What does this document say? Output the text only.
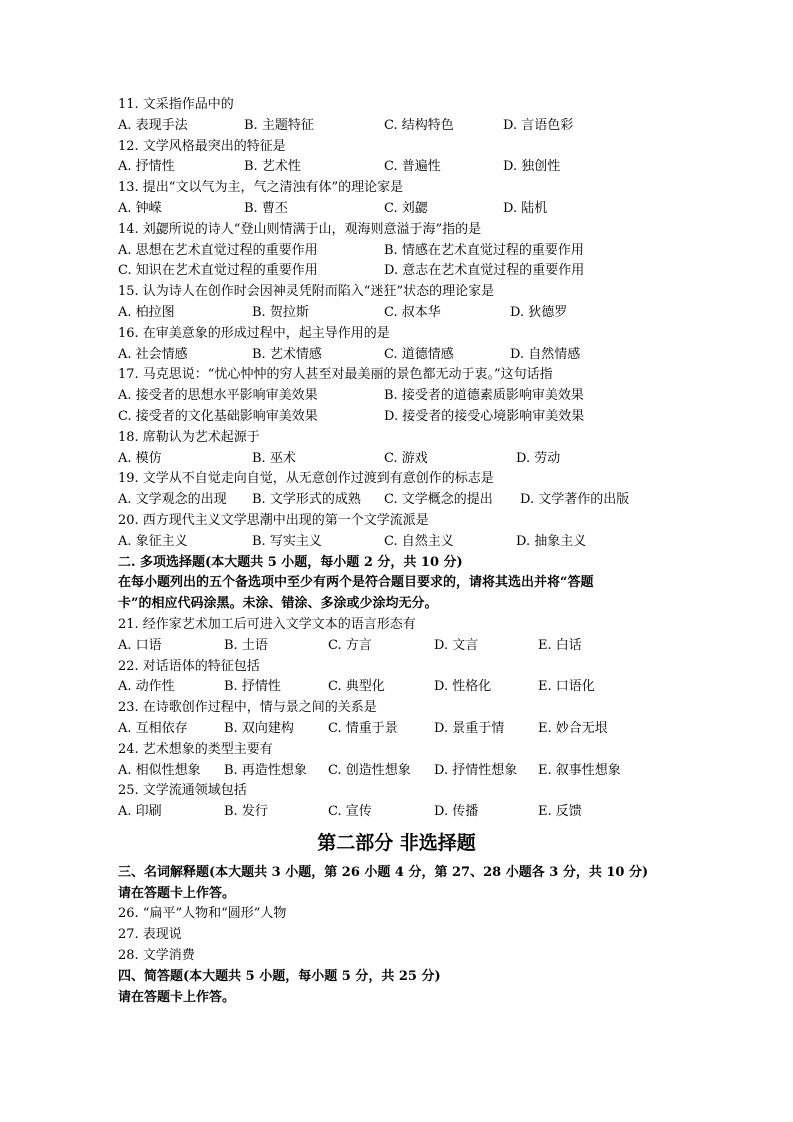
11. 文采指作品中的
A. 表现手法	B. 主题特征	C. 结构特色	D. 言语色彩
12. 文学风格最突出的特征是
A. 抒情性	B. 艺术性	C. 普遍性	D. 独创性
13. 提出“文以气为主，气之清浊有体”的理论家是
A. 钟嵘	B. 曹丕	C. 刘勰	D. 陆机
14. 刘勰所说的诗人“登山则情满于山，观海则意溢于海”指的是
A. 思想在艺术直觉过程的重要作用	B. 情感在艺术直觉过程的重要作用
C. 知识在艺术直觉过程的重要作用	D. 意志在艺术直觉过程的重要作用
15. 认为诗人在创作时会因神灵凭附而陷入“迷狂”状态的理论家是
A. 柏拉图	B. 贺拉斯	C. 叔本华	D. 狄德罗
16. 在审美意象的形成过程中，起主导作用的是
A. 社会情感	B. 艺术情感	C. 道德情感	D. 自然情感
17. 马克思说：“忧心忡忡的穷人甚至对最美丽的景色都无动于衷。”这句话指
A. 接受者的思想水平影响审美效果	B. 接受者的道德素质影响审美效果
C. 接受者的文化基础影响审美效果	D. 接受者的接受心境影响审美效果
18. 席勒认为艺术起源于
A. 模仿	B. 巫术	C. 游戏	D. 劳动
19. 文学从不自觉走向自觉，从无意创作过渡到有意创作的标志是
A. 文学观念的出现 B. 文学形式的成熟 C. 文学概念的提出 D. 文学著作的出版
20. 西方现代主义文学思潮中出现的第一个文学流派是
A. 象征主义	B. 写实主义	C. 自然主义	D. 抽象主义
二. 多项选择题(本大题共 5 小题，每小题 2 分，共 10 分)
在每小题列出的五个备选项中至少有两个是符合题目要求的，请将其选出并将“答题
卡”的相应代码涂黑。未涂、错涂、多涂或少涂均无分。
21. 经作家艺术加工后可进入文学文本的语言形态有
A. 口语	B. 土语	C. 方言	D. 文言	E. 白话
22. 对话语体的特征包括
A. 动作性	B. 抒情性	C. 典型化	D. 性格化	E. 口语化
23. 在诗歌创作过程中，情与景之间的关系是
A. 互相依存	B. 双向建构	C. 情重于景	D. 景重于情	E. 妙合无垠
24. 艺术想象的类型主要有
A. 相似性想象 B. 再造性想象 C. 创造性想象 D. 抒情性想象 E. 叙事性想象
25. 文学流通领域包括
A. 印刷	B. 发行	C. 宣传	D. 传播	E. 反馈
第二部分 非选择题
三、名词解释题(本大题共 3 小题，第 26 小题 4 分，第 27、28 小题各 3 分，共 10 分)
请在答题卡上作答。
26. “扁平”人物和“圆形”人物
27. 表现说
28. 文学消费
四、简答题(本大题共 5 小题，每小题 5 分，共 25 分)
请在答题卡上作答。
